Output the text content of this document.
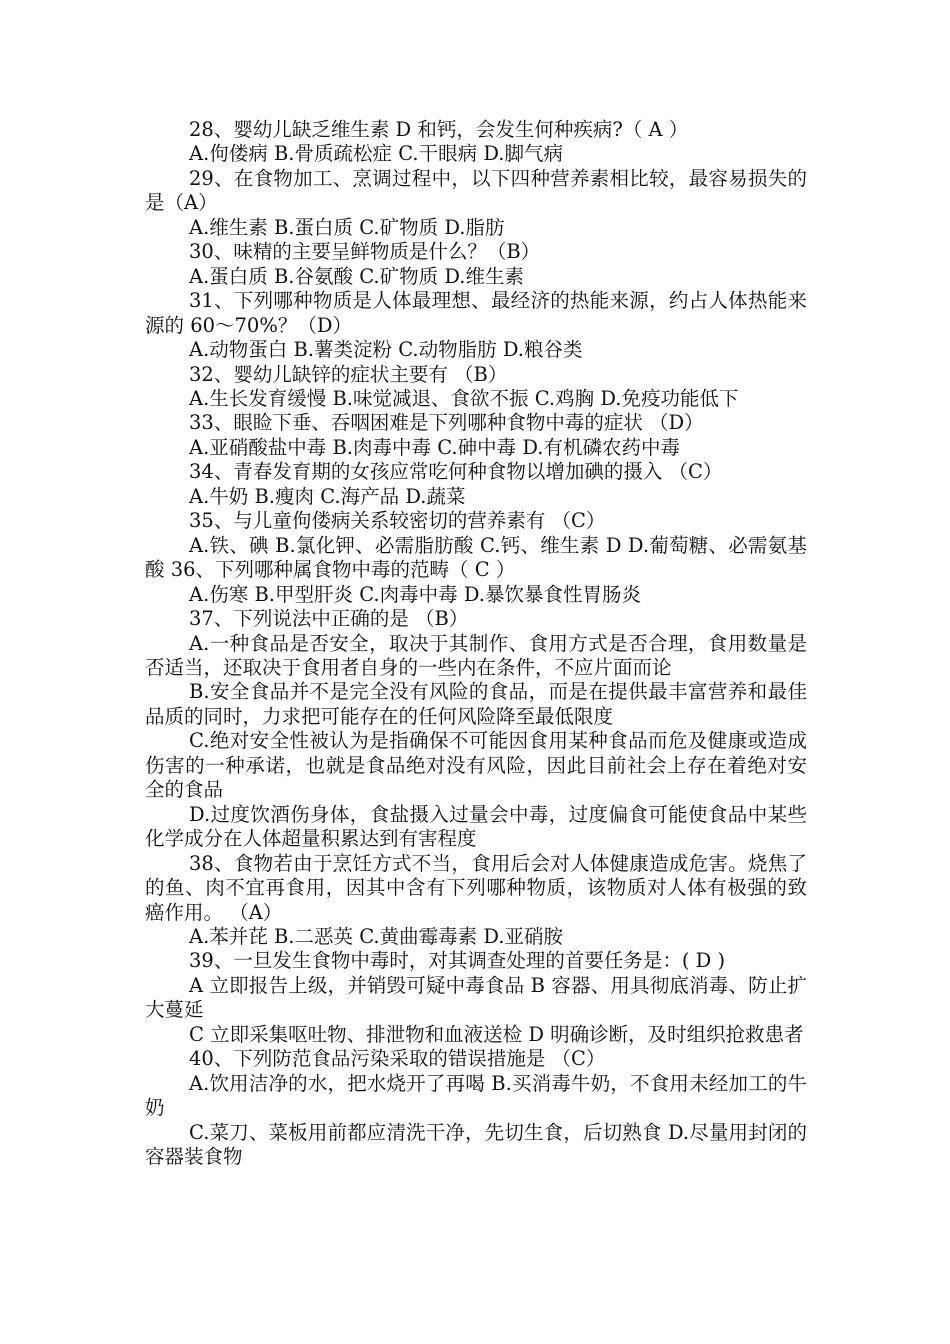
28、婴幼儿缺乏维生素 D 和钙，会发生何种疾病?（ A ）

A.佝偻病 B.骨质疏松症 C.干眼病 D.脚气病

29、在食物加工、烹调过程中，以下四种营养素相比较，最容易损失的是（A）

A.维生素 B.蛋白质 C.矿物质 D.脂肪

30、味精的主要呈鲜物质是什么？（B）

A.蛋白质 B.谷氨酸 C.矿物质 D.维生素

31、下列哪种物质是人体最理想、最经济的热能来源，约占人体热能来源的 60～70%？（D）

A.动物蛋白 B.薯类淀粉 C.动物脂肪 D.粮谷类

32、婴幼儿缺锌的症状主要有 （B）

A.生长发育缓慢 B.味觉减退、食欲不振 C.鸡胸 D.免疫功能低下

33、眼睑下垂、吞咽困难是下列哪种食物中毒的症状 （D）

A.亚硝酸盐中毒 B.肉毒中毒 C.砷中毒 D.有机磷农药中毒

34、青春发育期的女孩应常吃何种食物以增加碘的摄入 （C）

A.牛奶 B.瘦肉 C.海产品 D.蔬菜

35、与儿童佝偻病关系较密切的营养素有 （C）

A.铁、碘 B.氯化钾、必需脂肪酸 C.钙、维生素 D D.葡萄糖、必需氨基酸 36、下列哪种属食物中毒的范畴（ C ）

A.伤寒 B.甲型肝炎 C.肉毒中毒 D.暴饮暴食性胃肠炎

37、下列说法中正确的是 （B）

A.一种食品是否安全，取决于其制作、食用方式是否合理，食用数量是否适当，还取决于食用者自身的一些内在条件，不应片面而论

B.安全食品并不是完全没有风险的食品，而是在提供最丰富营养和最佳品质的同时，力求把可能存在的任何风险降至最低限度

C.绝对安全性被认为是指确保不可能因食用某种食品而危及健康或造成伤害的一种承诺，也就是食品绝对没有风险，因此目前社会上存在着绝对安全的食品

D.过度饮酒伤身体，食盐摄入过量会中毒，过度偏食可能使食品中某些化学成分在人体超量积累达到有害程度

38、食物若由于烹饪方式不当，食用后会对人体健康造成危害。烧焦了的鱼、肉不宜再食用，因其中含有下列哪种物质，该物质对人体有极强的致癌作用。 （A）

A.苯并芘 B.二恶英 C.黄曲霉毒素 D.亚硝胺

39、一旦发生食物中毒时，对其调查处理的首要任务是：( D )

A 立即报告上级，并销毁可疑中毒食品 B 容器、用具彻底消毒、防止扩大蔓延

C 立即采集呕吐物、排泄物和血液送检 D 明确诊断，及时组织抢救患者

40、下列防范食品污染采取的错误措施是 （C）

A.饮用洁净的水，把水烧开了再喝 B.买消毒牛奶，不食用未经加工的牛奶

C.菜刀、菜板用前都应清洗干净，先切生食，后切熟食 D.尽量用封闭的容器装食物
